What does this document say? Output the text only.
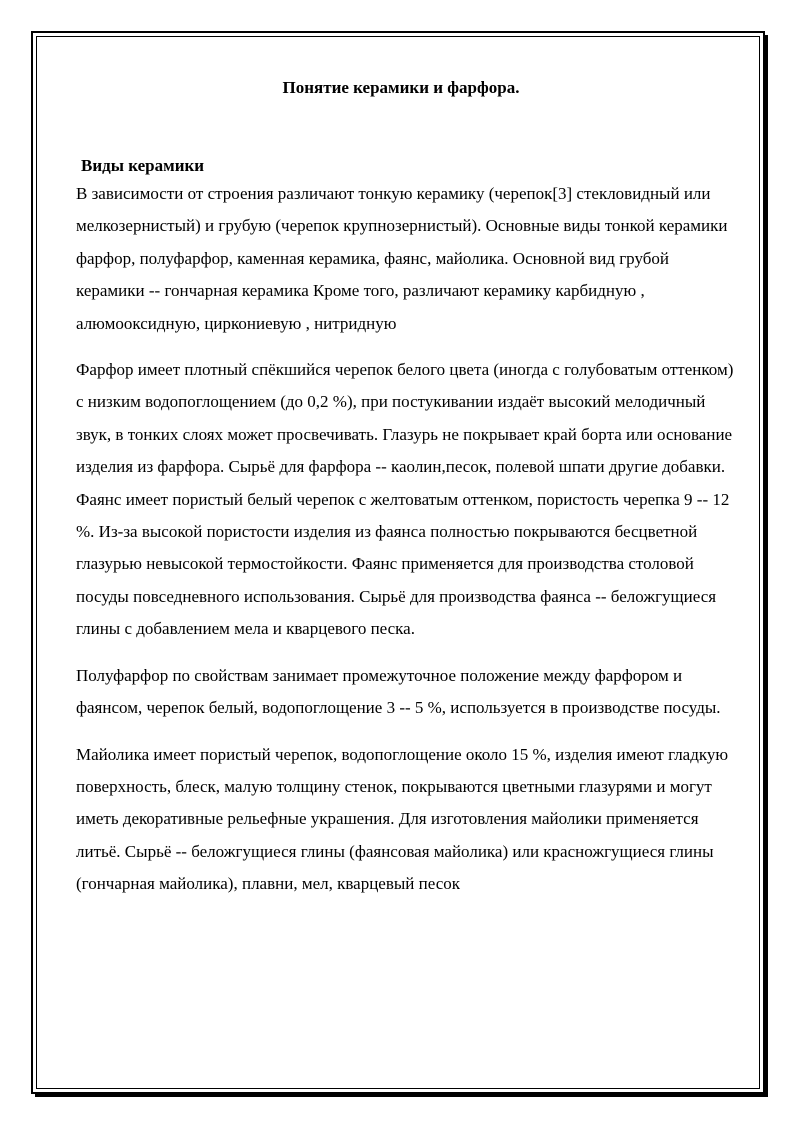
Понятие керамики и фарфора.

Виды керамики

В зависимости от строения различают тонкую керамику (черепок[3] стекловидный или мелкозернистый) и грубую (черепок крупнозернистый). Основные виды тонкой керамики фарфор, полуфарфор, каменная керамика, фаянс, майолика. Основной вид грубой керамики -- гончарная керамика Кроме того, различают керамику карбидную , алюмооксидную, циркониевую , нитридную

Фарфор имеет плотный спёкшийся черепок белого цвета (иногда с голубоватым оттенком) с низким водопоглощением (до 0,2 %), при постукивании издаёт высокий мелодичный звук, в тонких слоях может просвечивать. Глазурь не покрывает край борта или основание изделия из фарфора. Сырьё для фарфора -- каолин,песок, полевой шпати другие добавки. Фаянс имеет пористый белый черепок с желтоватым оттенком, пористость черепка 9 -- 12 %. Из-за высокой пористости изделия из фаянса полностью покрываются бесцветной глазурью невысокой термостойкости. Фаянс применяется для производства столовой посуды повседневного использования. Сырьё для производства фаянса -- беложгущиеся глины с добавлением мела и кварцевого песка.

Полуфарфор по свойствам занимает промежуточное положение между фарфором и фаянсом, черепок белый, водопоглощение 3 -- 5 %, используется в производстве посуды.

Майолика имеет пористый черепок, водопоглощение около 15 %, изделия имеют гладкую поверхность, блеск, малую толщину стенок, покрываются цветными глазурями и могут иметь декоративные рельефные украшения. Для изготовления майолики применяется литьё. Сырьё -- беложгущиеся глины (фаянсовая майолика) или красножгущиеся глины (гончарная майолика), плавни, мел, кварцевый песок
